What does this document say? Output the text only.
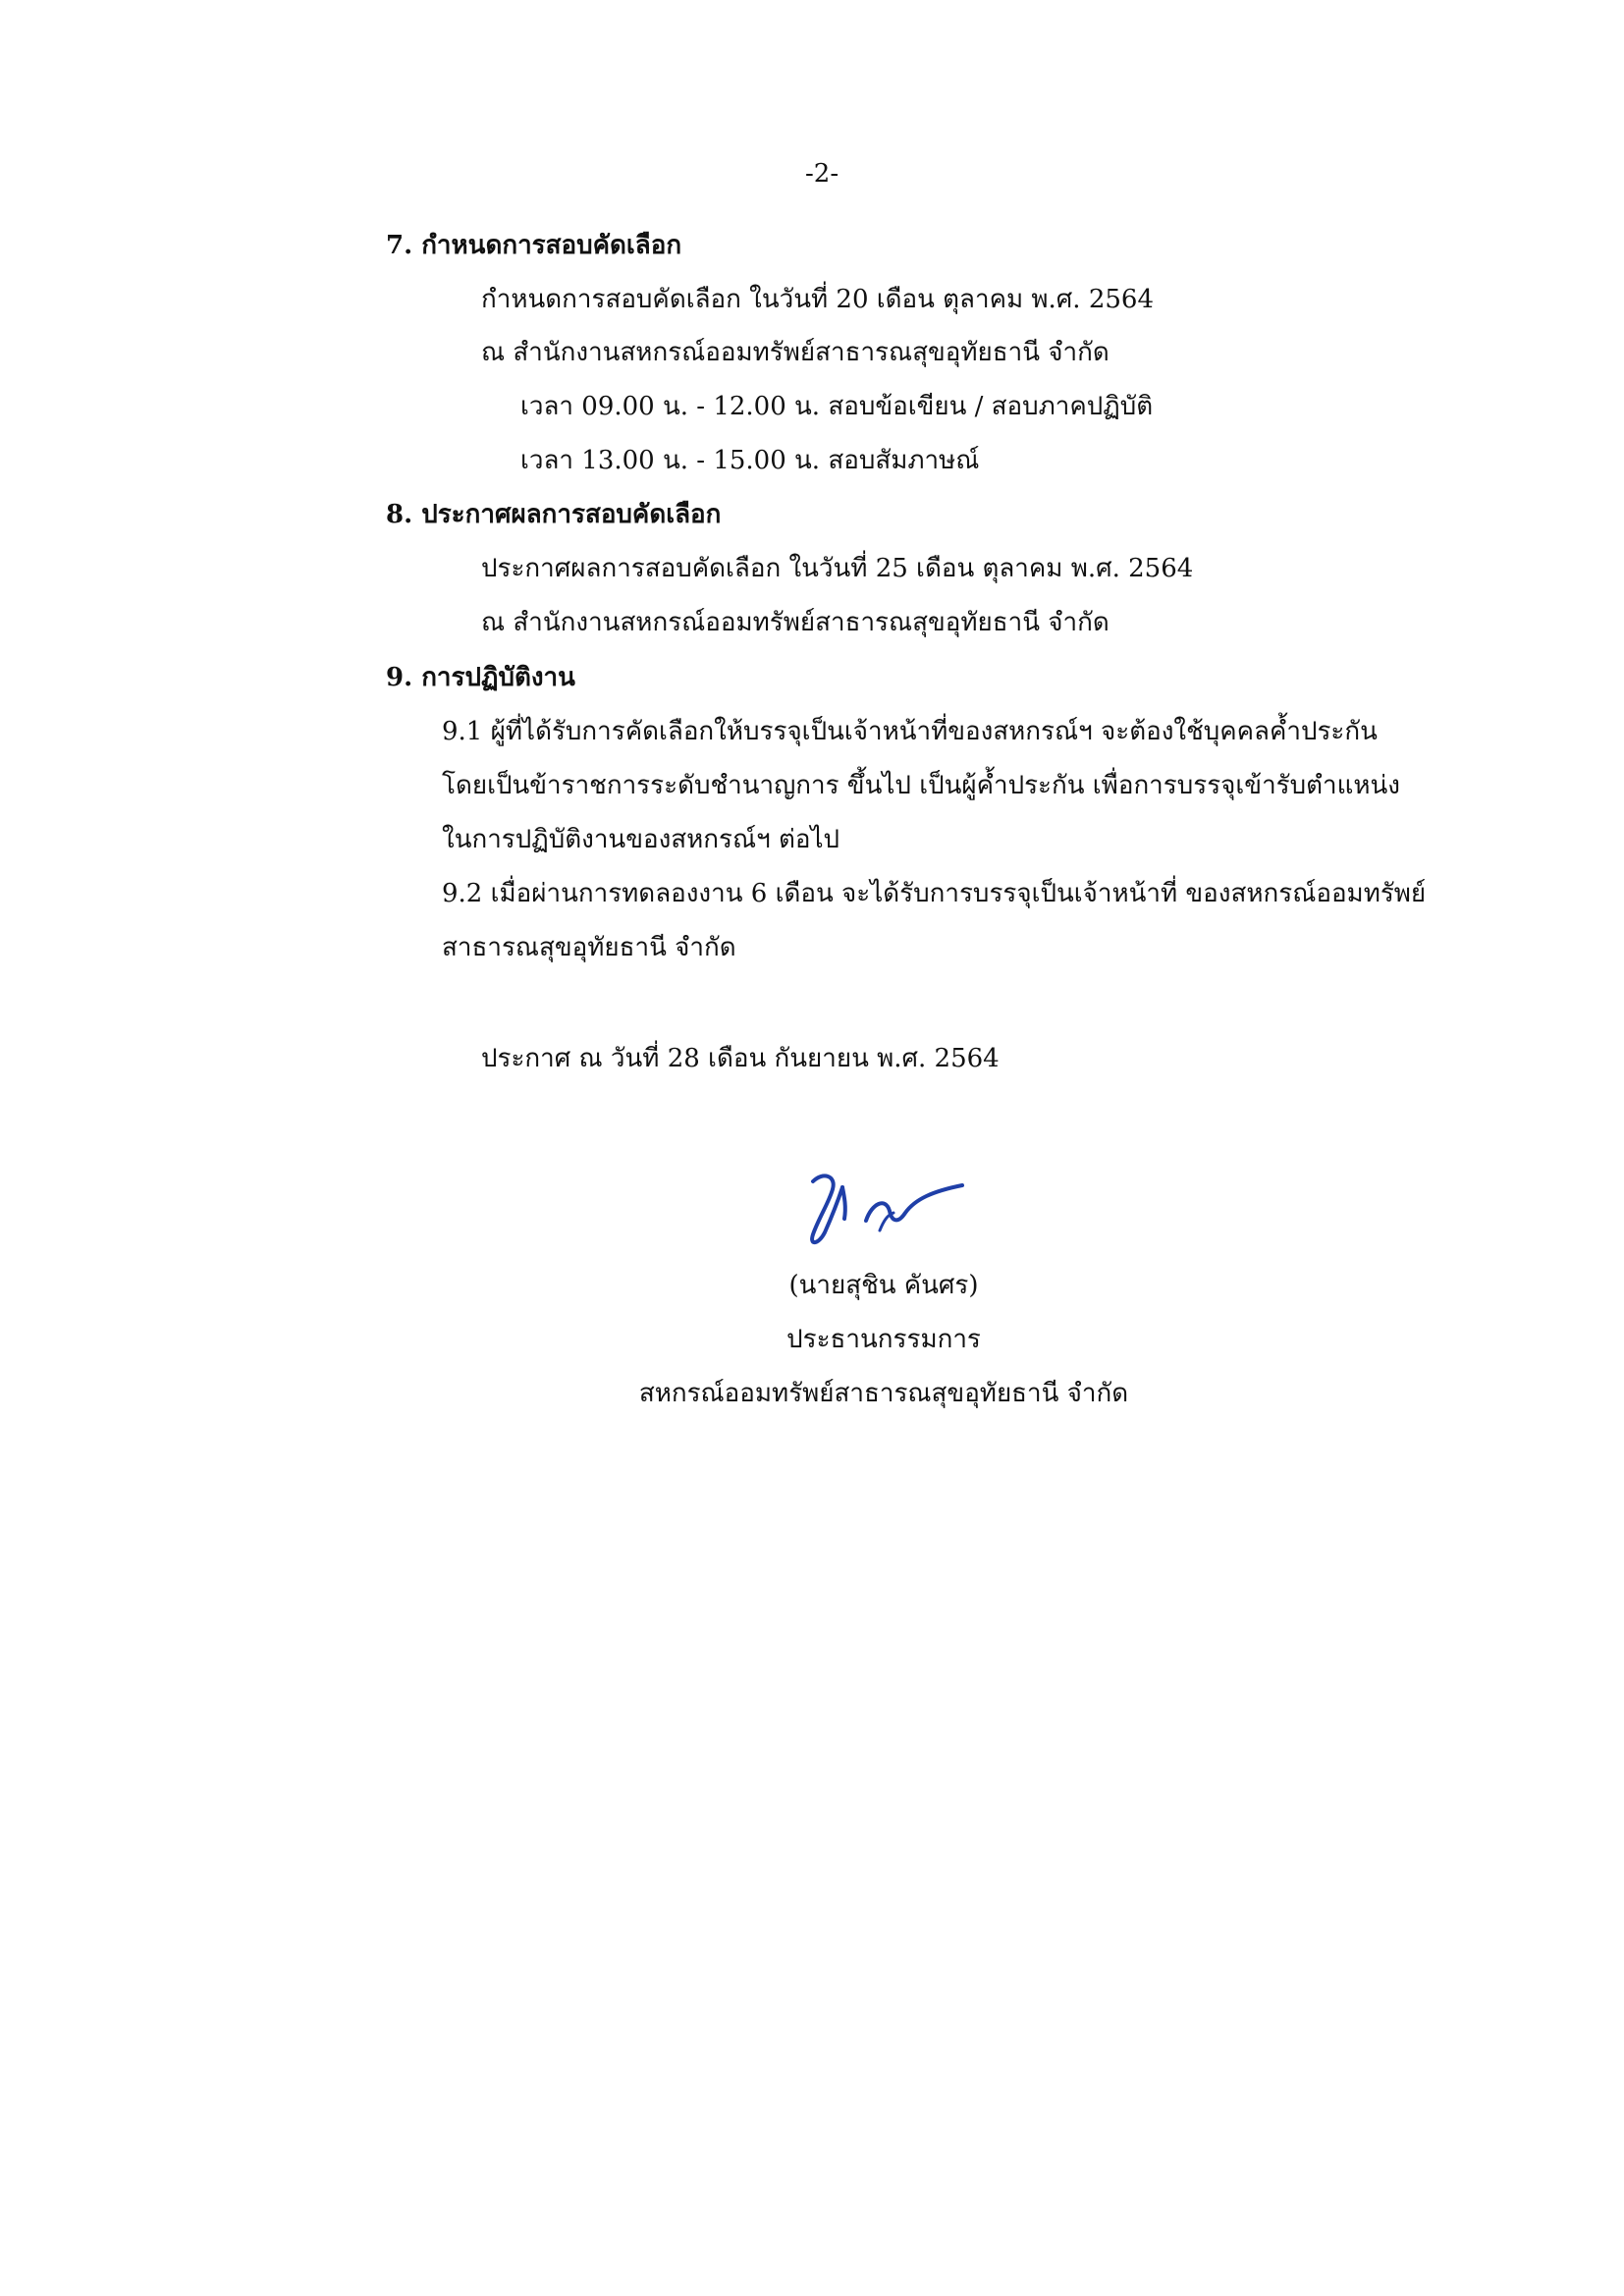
-2-
7. กำหนดการสอบคัดเลือก
กำหนดการสอบคัดเลือก ในวันที่ 20 เดือน ตุลาคม พ.ศ. 2564
ณ สำนักงานสหกรณ์ออมทรัพย์สาธารณสุขอุทัยธานี จำกัด
เวลา 09.00 น. - 12.00 น. สอบข้อเขียน / สอบภาคปฏิบัติ
เวลา 13.00 น. - 15.00 น. สอบสัมภาษณ์
8. ประกาศผลการสอบคัดเลือก
ประกาศผลการสอบคัดเลือก ในวันที่ 25 เดือน ตุลาคม พ.ศ. 2564
ณ สำนักงานสหกรณ์ออมทรัพย์สาธารณสุขอุทัยธานี จำกัด
9. การปฏิบัติงาน
9.1 ผู้ที่ได้รับการคัดเลือกให้บรรจุเป็นเจ้าหน้าที่ของสหกรณ์ฯ จะต้องใช้บุคคลค้ำประกัน
โดยเป็นข้าราชการระดับชำนาญการ ขึ้นไป เป็นผู้ค้ำประกัน เพื่อการบรรจุเข้ารับตำแหน่ง
ในการปฏิบัติงานของสหกรณ์ฯ ต่อไป
9.2 เมื่อผ่านการทดลองงาน 6 เดือน จะได้รับการบรรจุเป็นเจ้าหน้าที่ ของสหกรณ์ออมทรัพย์
สาธารณสุขอุทัยธานี จำกัด
ประกาศ ณ วันที่ 28 เดือน กันยายน พ.ศ. 2564
(นายสุชิน คันศร)
ประธานกรรมการ
สหกรณ์ออมทรัพย์สาธารณสุขอุทัยธานี จำกัด
